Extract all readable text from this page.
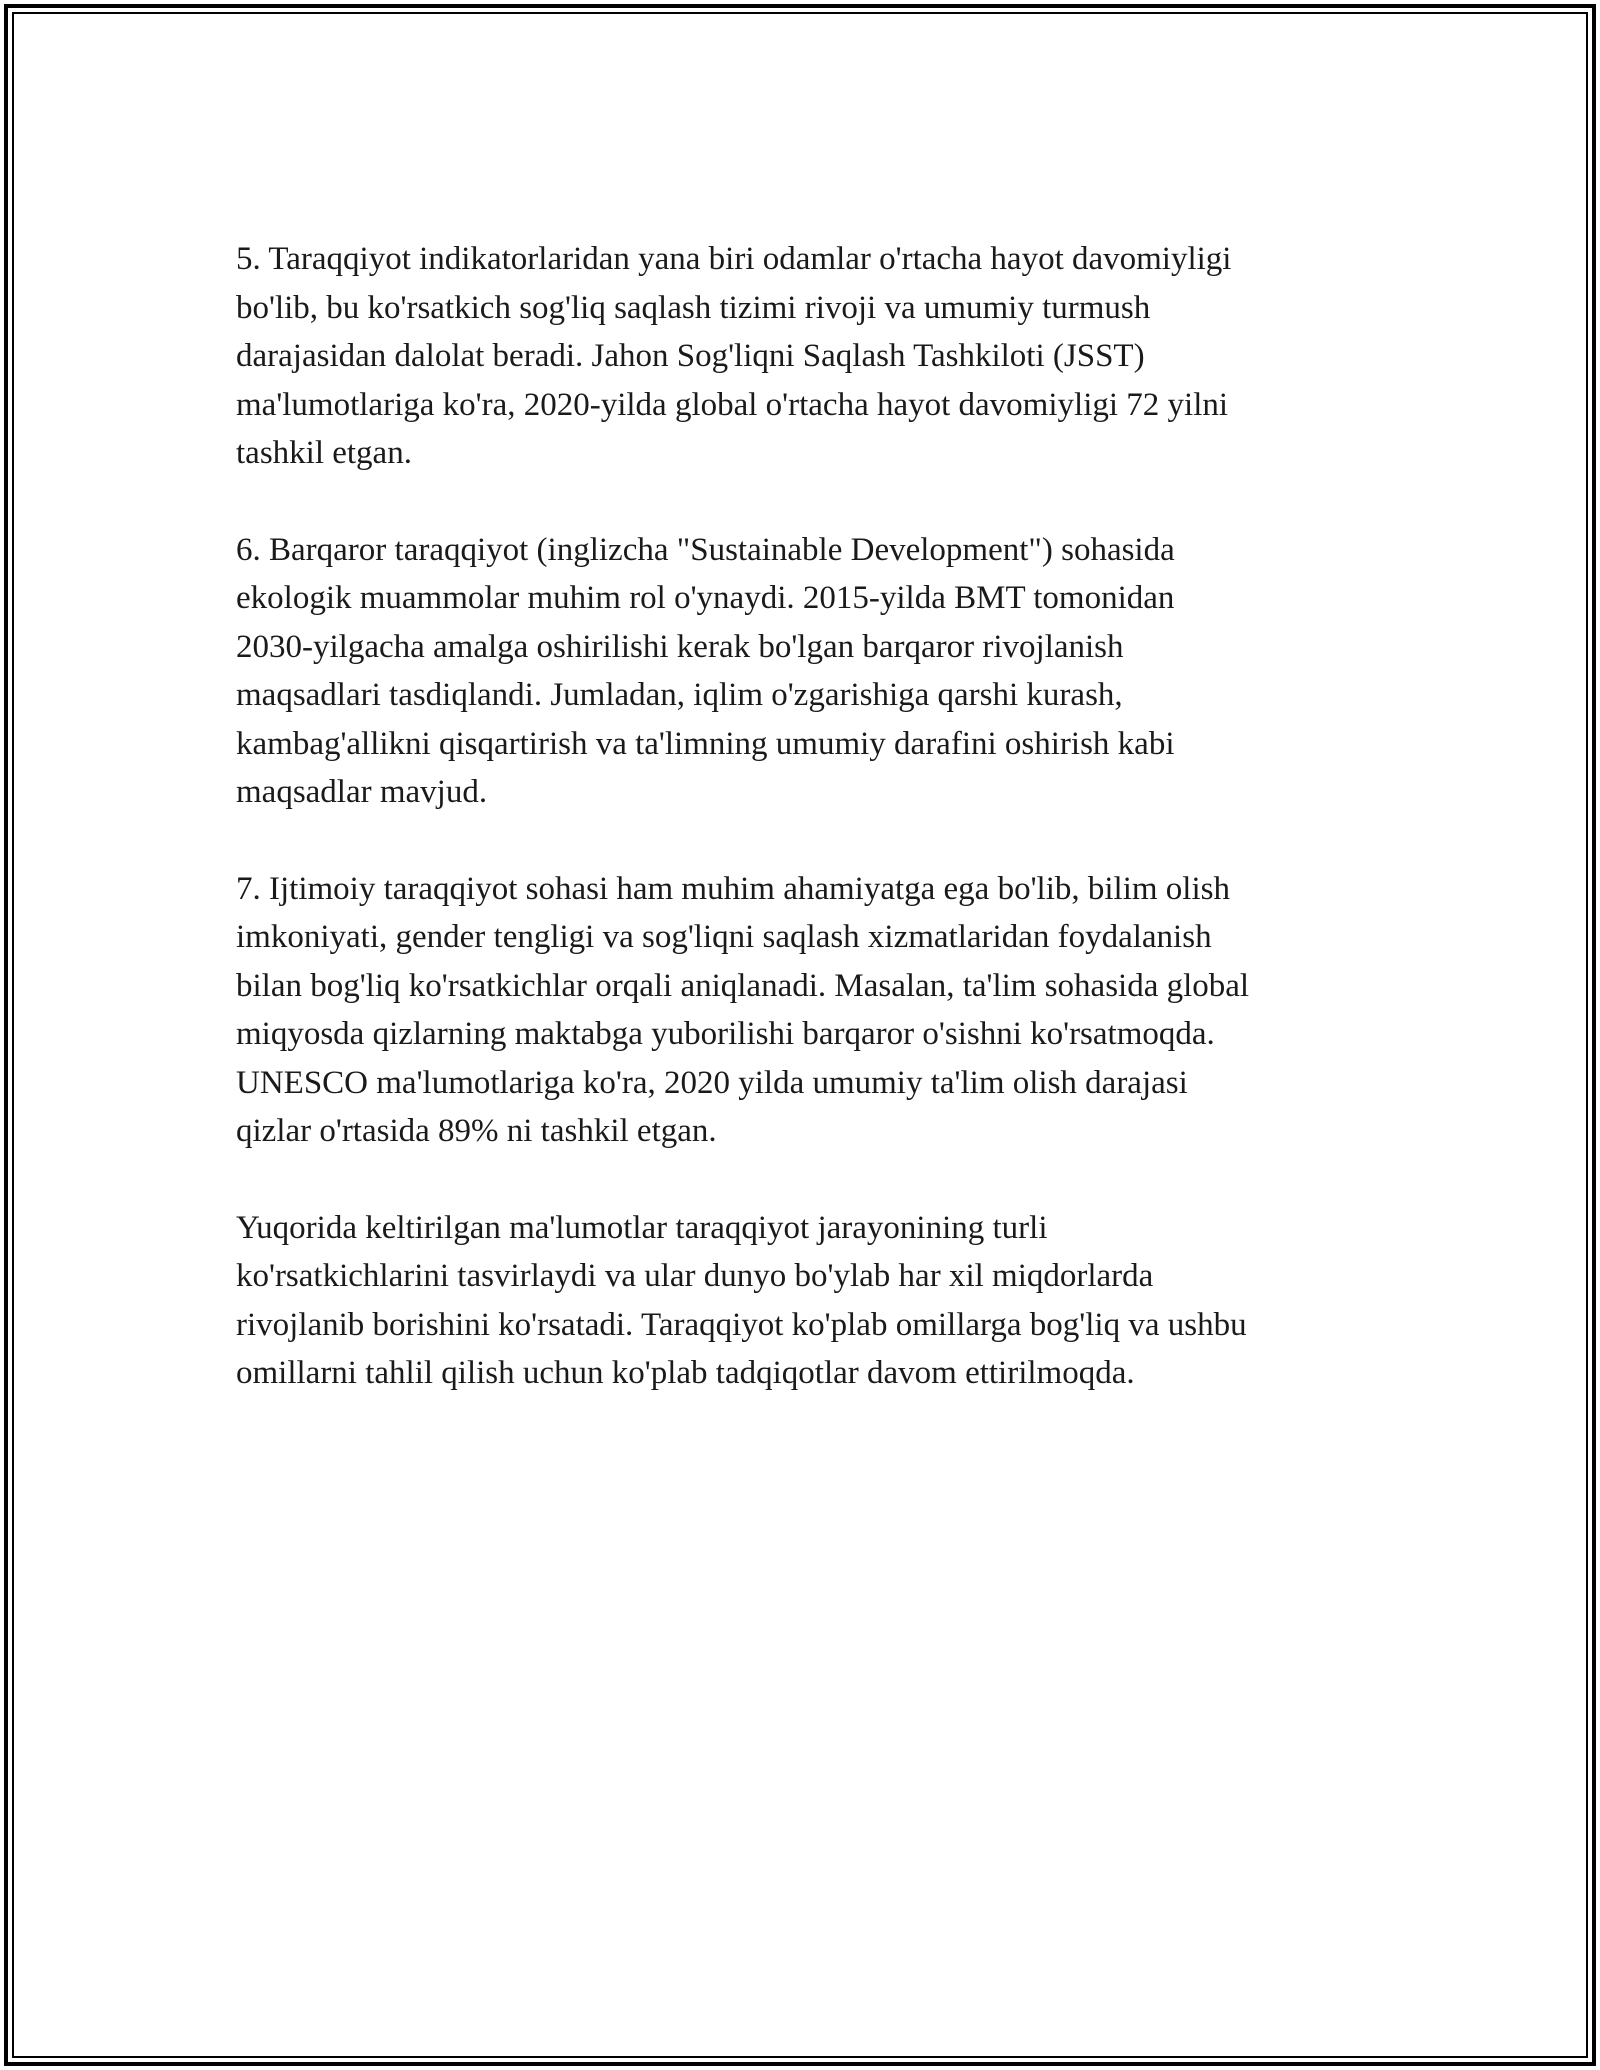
5. Taraqqiyot indikatorlaridan yana biri odamlar o'rtacha hayot davomiyligi
bo'lib, bu ko'rsatkich sog'liq saqlash tizimi rivoji va umumiy turmush
darajasidan dalolat beradi. Jahon Sog'liqni Saqlash Tashkiloti (JSST)
ma'lumotlariga ko'ra, 2020-yilda global o'rtacha hayot davomiyligi 72 yilni
tashkil etgan.

6. Barqaror taraqqiyot (inglizcha "Sustainable Development") sohasida
ekologik muammolar muhim rol o'ynaydi. 2015-yilda BMT tomonidan
2030-yilgacha amalga oshirilishi kerak bo'lgan barqaror rivojlanish
maqsadlari tasdiqlandi. Jumladan, iqlim o'zgarishiga qarshi kurash,
kambag'allikni qisqartirish va ta'limning umumiy darafini oshirish kabi
maqsadlar mavjud.

7. Ijtimoiy taraqqiyot sohasi ham muhim ahamiyatga ega bo'lib, bilim olish
imkoniyati, gender tengligi va sog'liqni saqlash xizmatlaridan foydalanish
bilan bog'liq ko'rsatkichlar orqali aniqlanadi. Masalan, ta'lim sohasida global
miqyosda qizlarning maktabga yuborilishi barqaror o'sishni ko'rsatmoqda.
UNESCO ma'lumotlariga ko'ra, 2020 yilda umumiy ta'lim olish darajasi
qizlar o'rtasida 89% ni tashkil etgan.

Yuqorida keltirilgan ma'lumotlar taraqqiyot jarayonining turli
ko'rsatkichlarini tasvirlaydi va ular dunyo bo'ylab har xil miqdorlarda
rivojlanib borishini ko'rsatadi. Taraqqiyot ko'plab omillarga bog'liq va ushbu
omillarni tahlil qilish uchun ko'plab tadqiqotlar davom ettirilmoqda.
